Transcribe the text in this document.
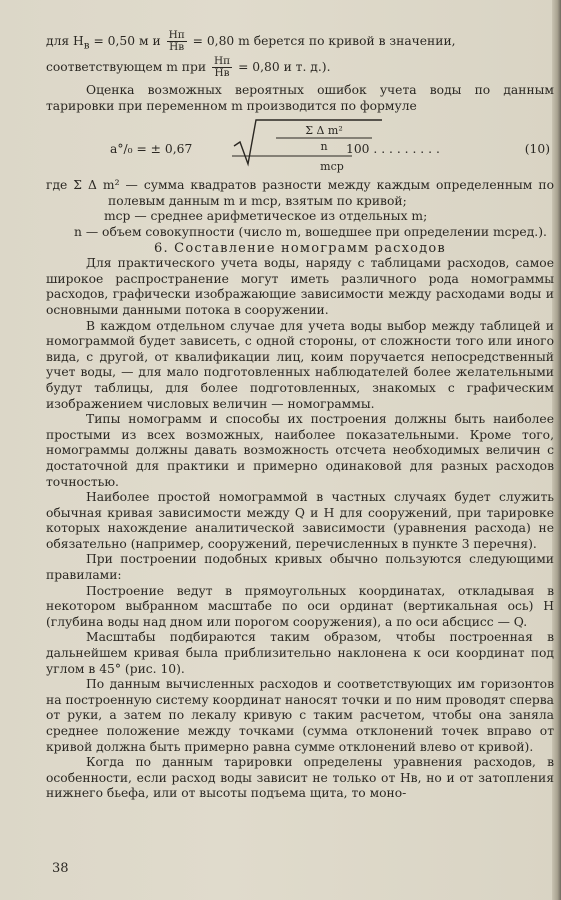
для $H_в = 0,50$ м и Hп
Hв = 0,80 m берется по кривой в значении,

соответствующем m при Hп
Hв = 0,80 и т. д.).

Оценка возможных вероятных ошибок учета воды по данным тарировки при переменном m производится по формуле

a°/₀ = ± 0,67
Σ Δ m²
n
mср
100 . . . . . . . . .	(10)

где Σ Δ m² — сумма квадратов разности между каждым определенным по полевым данным m и mср, взятым по кривой;

mср — среднее арифметическое из отдельных m;

n — объем совокупности (число m, вошедшее при определении mсред.).

6. Составление номограмм расходов

Для практического учета воды, наряду с таблицами расходов, самое широкое распространение могут иметь различного рода номограммы расходов, графически изображающие зависимости между расходами воды и основными данными потока в сооружении.

В каждом отдельном случае для учета воды выбор между таблицей и номограммой будет зависеть, с одной стороны, от сложности того или иного вида, с другой, от квалификации лиц, коим поручается непосредственный учет воды, — для мало подготовленных наблюдателей более желательными будут таблицы, для более подготовленных, знакомых с графическим изображением числовых величин — номограммы.

Типы номограмм и способы их построения должны быть наиболее простыми из всех возможных, наиболее показательными. Кроме того, номограммы должны давать возможность отсчета необходимых величин с достаточной для практики и примерно одинаковой для разных расходов точностью.

Наиболее простой номограммой в частных случаях будет служить обычная кривая зависимости между Q и H для сооружений, при тарировке которых нахождение аналитической зависимости (уравнения расхода) не обязательно (например, сооружений, перечисленных в пункте 3 перечня).

При построении подобных кривых обычно пользуются следующими правилами:

Построение ведут в прямоугольных координатах, откладывая в некотором выбранном масштабе по оси ординат (вертикальная ось) H (глубина воды над дном или порогом сооружения), а по оси абсцисс — Q.

Масштабы подбираются таким образом, чтобы построенная в дальнейшем кривая была приблизительно наклонена к оси координат под углом в 45° (рис. 10).

По данным вычисленных расходов и соответствующих им горизонтов на построенную систему координат наносят точки и по ним проводят сперва от руки, а затем по лекалу кривую с таким расчетом, чтобы она заняла среднее положение между точками (сумма отклонений точек вправо от кривой должна быть примерно равна сумме отклонений влево от кривой).

Когда по данным тарировки определены уравнения расходов, в особенности, если расход воды зависит не только от Hв, но и от затопления нижнего бьефа, или от высоты подъема щита, то моно-

38
